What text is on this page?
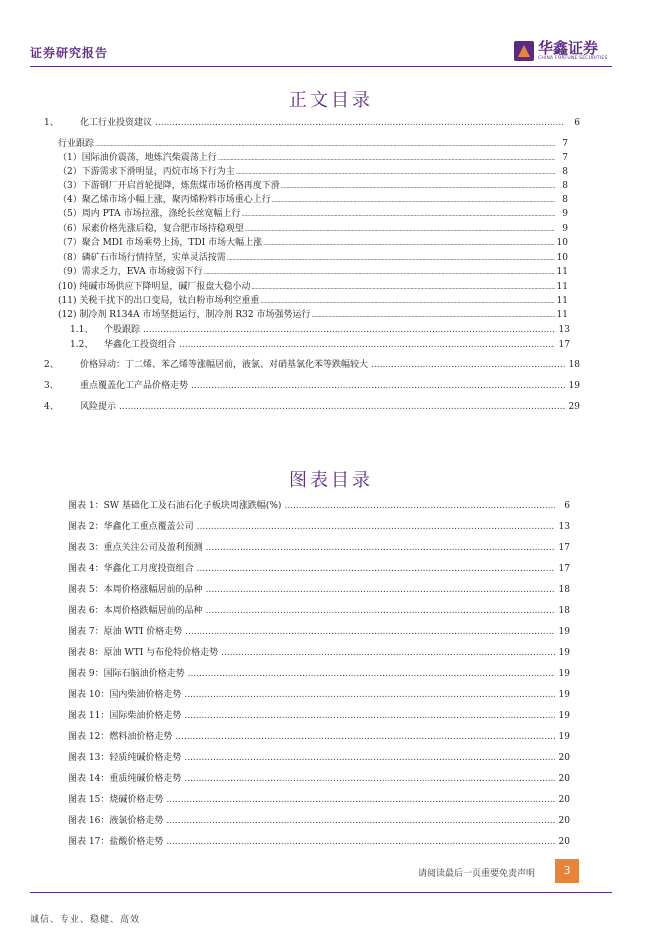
证券研究报告	华鑫证券
CHINA FORTUNE SECURITIES
正文目录
1、	化工行业投资建议 .....	6
行业跟踪 .....	7
（1）国际油价震荡，地炼汽柴震荡上行 .....	7
（2）下游需求下滑明显，丙烷市场下行为主 .....	8
（3）下游钢厂开启首轮提降，炼焦煤市场价格再度下滑 .....	8
（4）聚乙烯市场小幅上涨，聚丙烯粉料市场重心上行 .....	8
（5）周内 PTA 市场拉涨，涤纶长丝宽幅上行 .....	9
（6）尿素价格先涨后稳，复合肥市场持稳观望 .....	9
（7）聚合 MDI 市场乘势上扬，TDI 市场大幅上涨 .....	10
（8）磷矿石市场行情持坚，实单灵活按需 .....	10
（9）需求乏力，EVA 市场疲弱下行 .....	11
(10) 纯碱市场供应下降明显，碱厂报盘大稳小动 .....	11
(11) 关税干扰下的出口变局，钛白粉市场利空重重 .....	11
(12) 制冷剂 R134A 市场坚挺运行，制冷剂 R32 市场强势运行 .....	11
1.1、	个股跟踪 .....	13
1.2、	华鑫化工投资组合 .....	17
2、	价格异动：丁二烯、苯乙烯等涨幅居前，液氯、对硝基氯化苯等跌幅较大 .....	18
3、	重点覆盖化工产品价格走势 .....	19
4、	风险提示 .....	29
图表目录
图表 1： SW 基础化工及石油石化子板块周涨跌幅(%) .....	6
图表 2： 华鑫化工重点覆盖公司 .....	13
图表 3： 重点关注公司及盈利预测 .....	17
图表 4： 华鑫化工月度投资组合 .....	17
图表 5： 本周价格涨幅居前的品种 .....	18
图表 6： 本周价格跌幅居前的品种 .....	18
图表 7： 原油 WTI 价格走势 .....	19
图表 8： 原油 WTI 与布伦特价格走势 .....	19
图表 9： 国际石脑油价格走势 .....	19
图表 10： 国内柴油价格走势 .....	19
图表 11： 国际柴油价格走势 .....	19
图表 12： 燃料油价格走势 .....	19
图表 13： 轻质纯碱价格走势 .....	20
图表 14： 重质纯碱价格走势 .....	20
图表 15： 烧碱价格走势 .....	20
图表 16： 液氯价格走势 .....	20
图表 17： 盐酸价格走势 .....	20
请阅读最后一页重要免责声明	3
诚信、专业、稳健、高效
